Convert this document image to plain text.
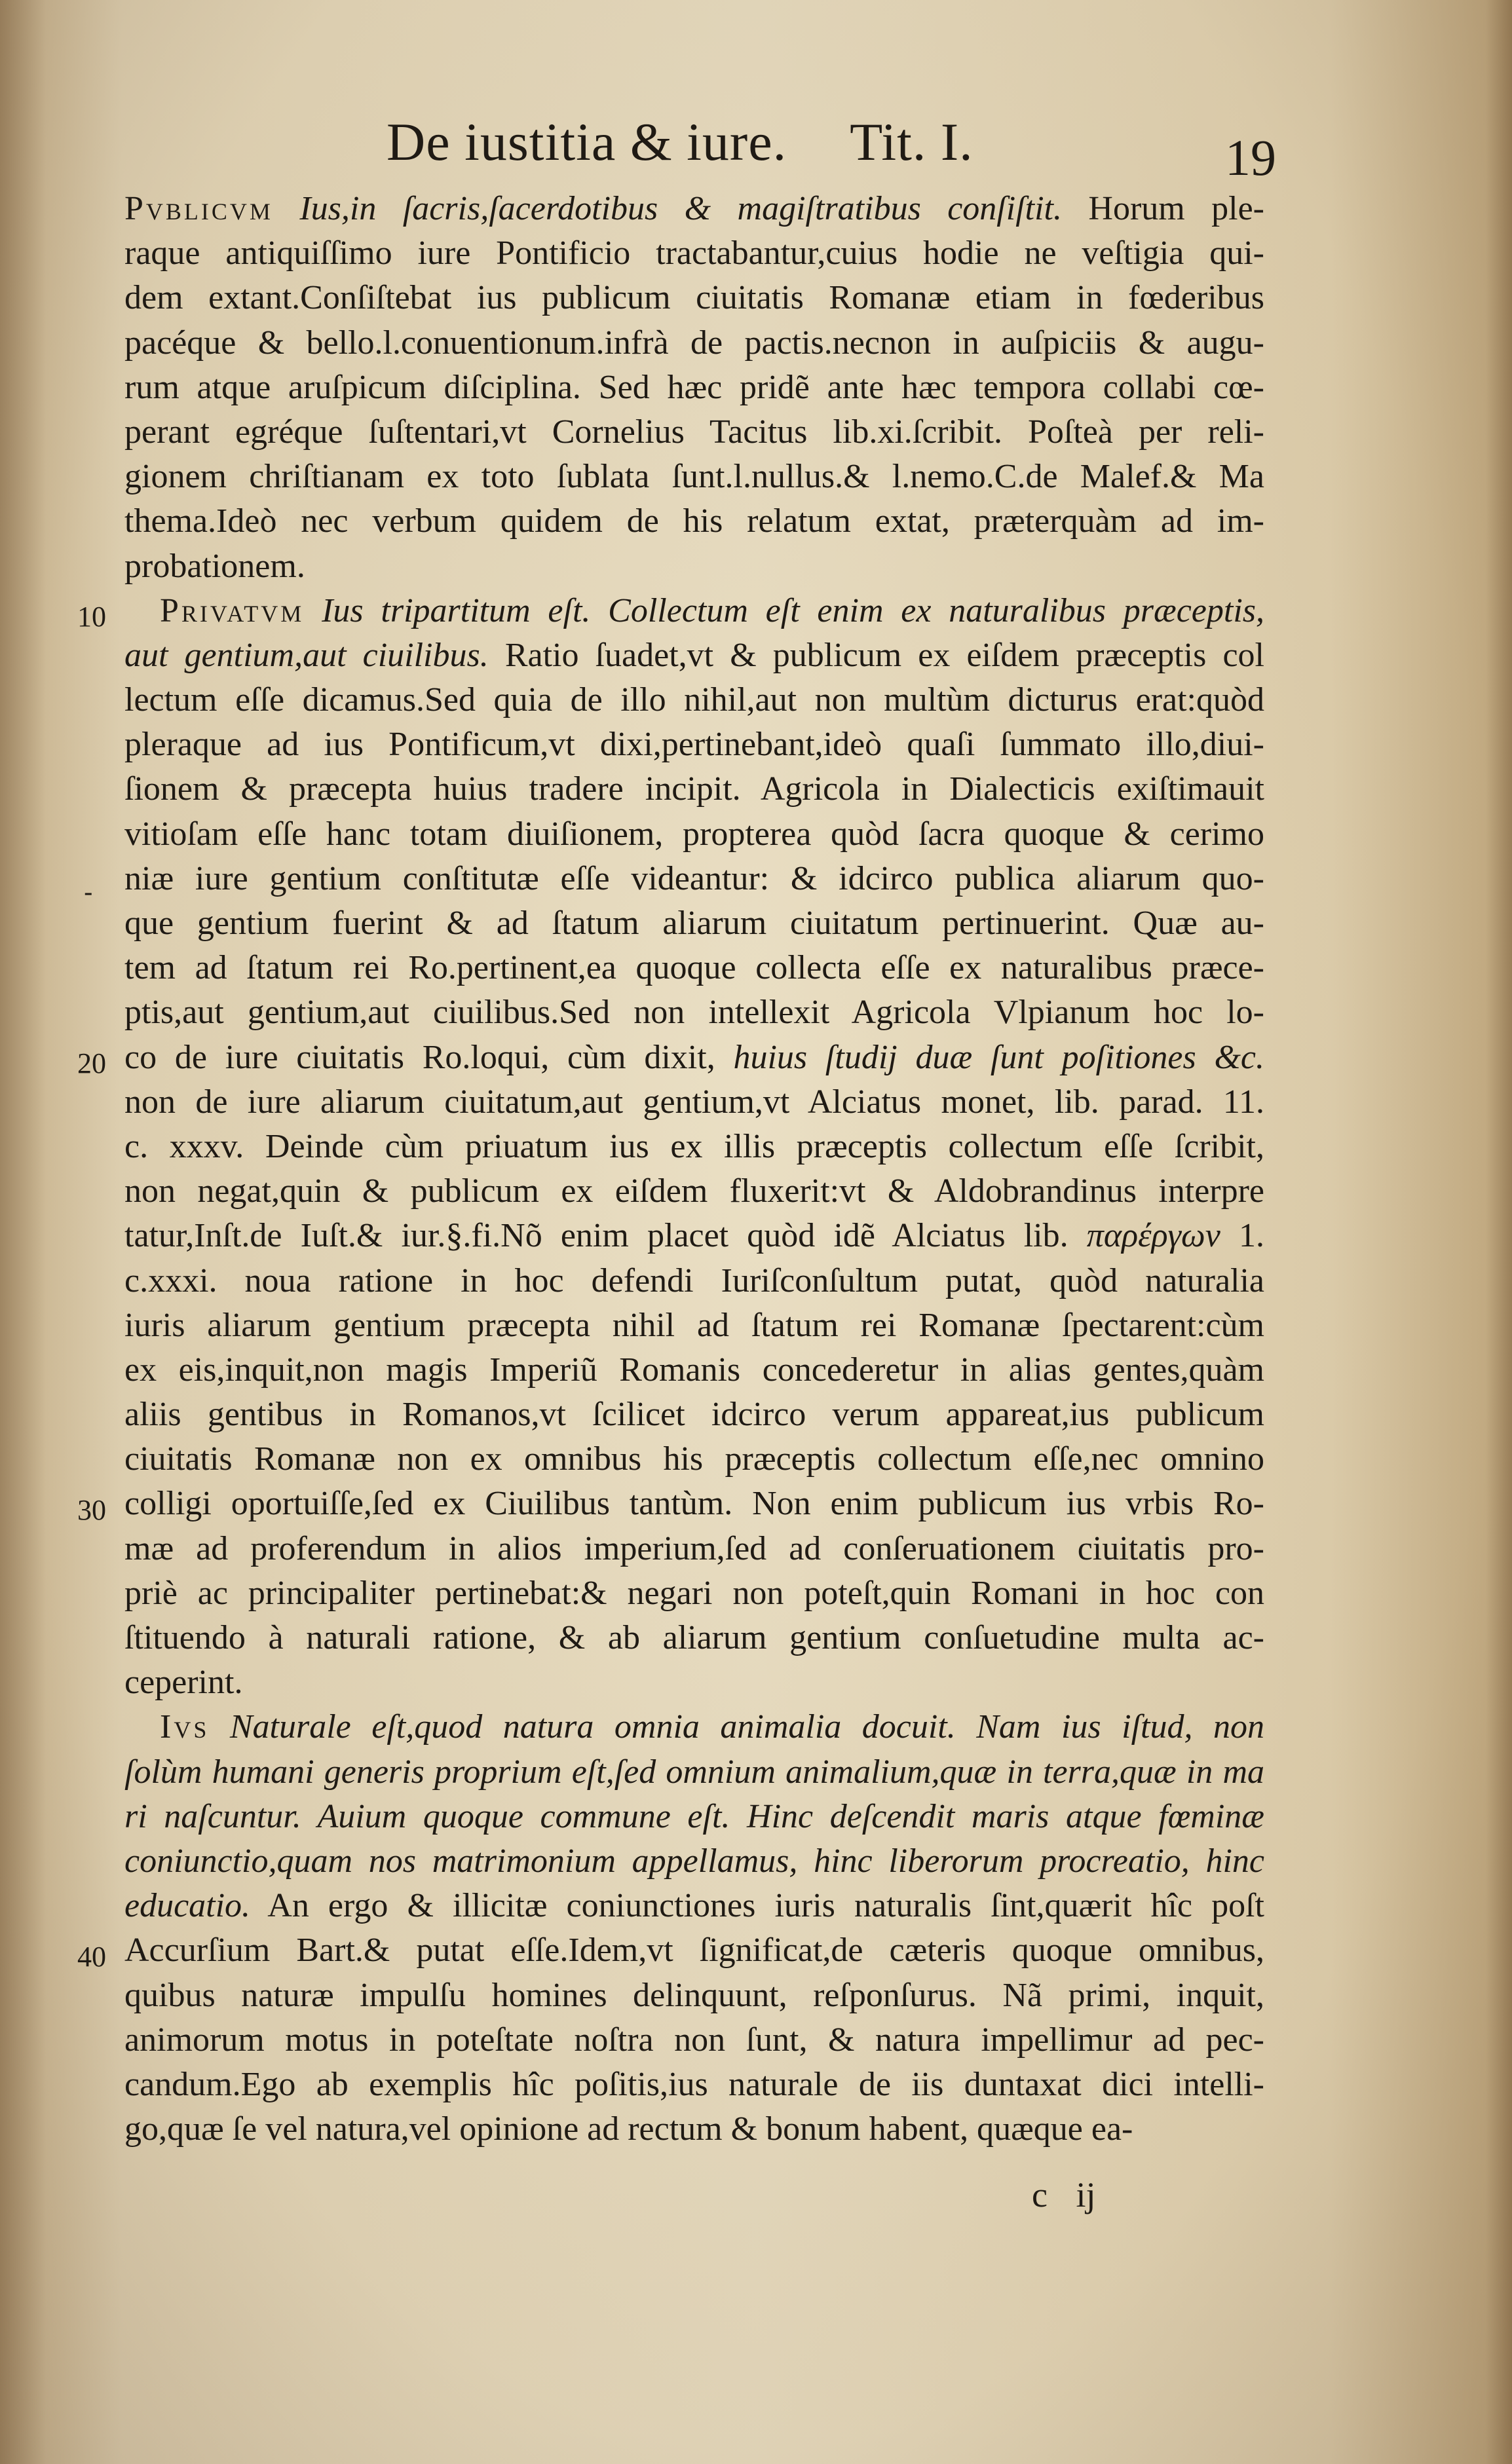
De iustitia & iure. Tit. I.	19
10
20
30
40
-
Pvblicvm Ius,in ſacris,ſacerdotibus & magiſtratibus conſiſtit. Horum ple-
raque antiquiſſimo iure Pontificio tractabantur,cuius hodie ne veſtigia qui-
dem extant.Conſiſtebat ius publicum ciuitatis Romanæ etiam in fœderibus
pacéque & bello.l.conuentionum.infrà de pactis.necnon in auſpiciis & augu-
rum atque aruſpicum diſciplina. Sed hæc pridẽ ante hæc tempora collabi cœ-
perant egréque ſuſtentari,vt Cornelius Tacitus lib.xi.ſcribit. Poſteà per reli-
gionem chriſtianam ex toto ſublata ſunt.l.nullus.& l.nemo.C.de Malef.& Ma
thema.Ideò nec verbum quidem de his relatum extat, præterquàm ad im-
probationem.
Privatvm Ius tripartitum eſt. Collectum eſt enim ex naturalibus præceptis,
aut gentium,aut ciuilibus. Ratio ſuadet,vt & publicum ex eiſdem præceptis col
lectum eſſe dicamus.Sed quia de illo nihil,aut non multùm dicturus erat:quòd
pleraque ad ius Pontificum,vt dixi,pertinebant,ideò quaſi ſummato illo,diui-
ſionem & præcepta huius tradere incipit. Agricola in Dialecticis exiſtimauit
vitioſam eſſe hanc totam diuiſionem, propterea quòd ſacra quoque & cerimo
niæ iure gentium conſtitutæ eſſe videantur: & idcirco publica aliarum quo-
que gentium fuerint & ad ſtatum aliarum ciuitatum pertinuerint. Quæ au-
tem ad ſtatum rei Ro.pertinent,ea quoque collecta eſſe ex naturalibus præce-
ptis,aut gentium,aut ciuilibus.Sed non intellexit Agricola Vlpianum hoc lo-
co de iure ciuitatis Ro.loqui, cùm dixit, huius ſtudij duæ ſunt poſitiones &c.
non de iure aliarum ciuitatum,aut gentium,vt Alciatus monet, lib. parad. 11.
c. xxxv. Deinde cùm priuatum ius ex illis præceptis collectum eſſe ſcribit,
non negat,quin & publicum ex eiſdem fluxerit:vt & Aldobrandinus interpre
tatur,Inſt.de Iuſt.& iur.§.fi.Nõ enim placet quòd idẽ Alciatus lib. παρέργων 1.
c.xxxi. noua ratione in hoc defendi Iuriſconſultum putat, quòd naturalia
iuris aliarum gentium præcepta nihil ad ſtatum rei Romanæ ſpectarent:cùm
ex eis,inquit,non magis Imperiũ Romanis concederetur in alias gentes,quàm
aliis gentibus in Romanos,vt ſcilicet idcirco verum appareat,ius publicum
ciuitatis Romanæ non ex omnibus his præceptis collectum eſſe,nec omnino
colligi oportuiſſe,ſed ex Ciuilibus tantùm. Non enim publicum ius vrbis Ro-
mæ ad proferendum in alios imperium,ſed ad conſeruationem ciuitatis pro-
priè ac principaliter pertinebat:& negari non poteſt,quin Romani in hoc con
ſtituendo à naturali ratione, & ab aliarum gentium conſuetudine multa ac-
ceperint.
Ivs Naturale eſt,quod natura omnia animalia docuit. Nam ius iſtud, non
ſolùm humani generis proprium eſt,ſed omnium animalium,quæ in terra,quæ in ma
ri naſcuntur. Auium quoque commune eſt. Hinc deſcendit maris atque fœminæ
coniunctio,quam nos matrimonium appellamus, hinc liberorum procreatio, hinc
educatio. An ergo & illicitæ coniunctiones iuris naturalis ſint,quærit hîc poſt
Accurſium Bart.& putat eſſe.Idem,vt ſignificat,de cæteris quoque omnibus,
quibus naturæ impulſu homines delinquunt, reſponſurus. Nã primi, inquit,
animorum motus in poteſtate noſtra non ſunt, & natura impellimur ad pec-
candum.Ego ab exemplis hîc poſitis,ius naturale de iis duntaxat dici intelli-
go,quæ ſe vel natura,vel opinione ad rectum & bonum habent, quæque ea-
c ij
